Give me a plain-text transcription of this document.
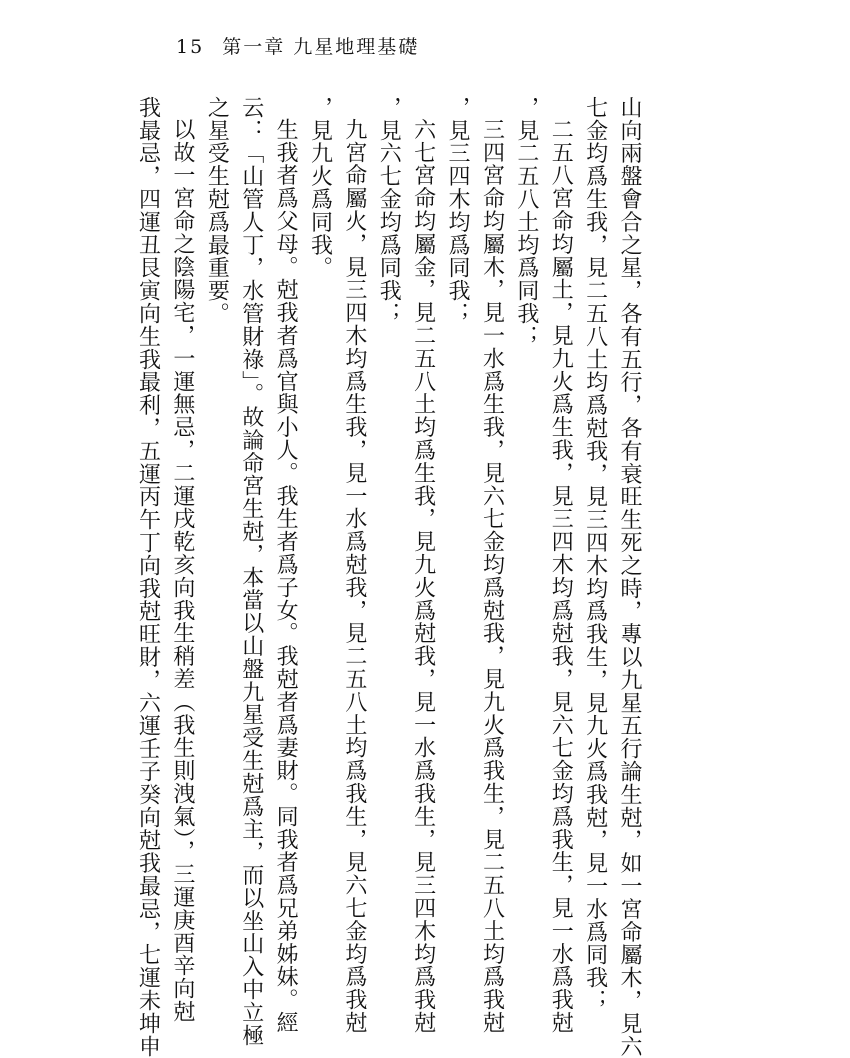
15 第一章 九星地理基礎
山向兩盤會合之星，各有五行，各有衰旺生死之時，專以九星五行論生尅，如一宮命屬木，見六
七金均爲生我，見二五八土均爲尅我，見三四木均爲我生，見九火爲我尅，見一水爲同我；
二五八宮命均屬土，見九火爲生我，見三四木均爲尅我，見六七金均爲我生，見一水爲我尅
，見二五八土均爲同我；
三四宮命均屬木，見一水爲生我，見六七金均爲尅我，見九火爲我生，見二五八土均爲我尅
，見三四木均爲同我；
六七宮命均屬金，見二五八土均爲生我，見九火爲尅我，見一水爲我生，見三四木均爲我尅
，見六七金均爲同我；
九宮命屬火，見三四木均爲生我，見一水爲尅我，見二五八土均爲我生，見六七金均爲我尅
，見九火爲同我。
生我者爲父母。尅我者爲官與小人。我生者爲子女。我尅者爲妻財。同我者爲兄弟姊妹。經
云：「山管人丁，水管財祿」。故論命宮生尅，本當以山盤九星受生尅爲主，而以坐山入中立極
之星受生尅爲最重要。
以故一宮命之陰陽宅，一運無忌，二運戌乾亥向我生稍差（我生則洩氣），三運庚酉辛向尅
我最忌，四運丑艮寅向生我最利，五運丙午丁向我尅旺財，六運壬子癸向尅我最忌，七運未坤申
